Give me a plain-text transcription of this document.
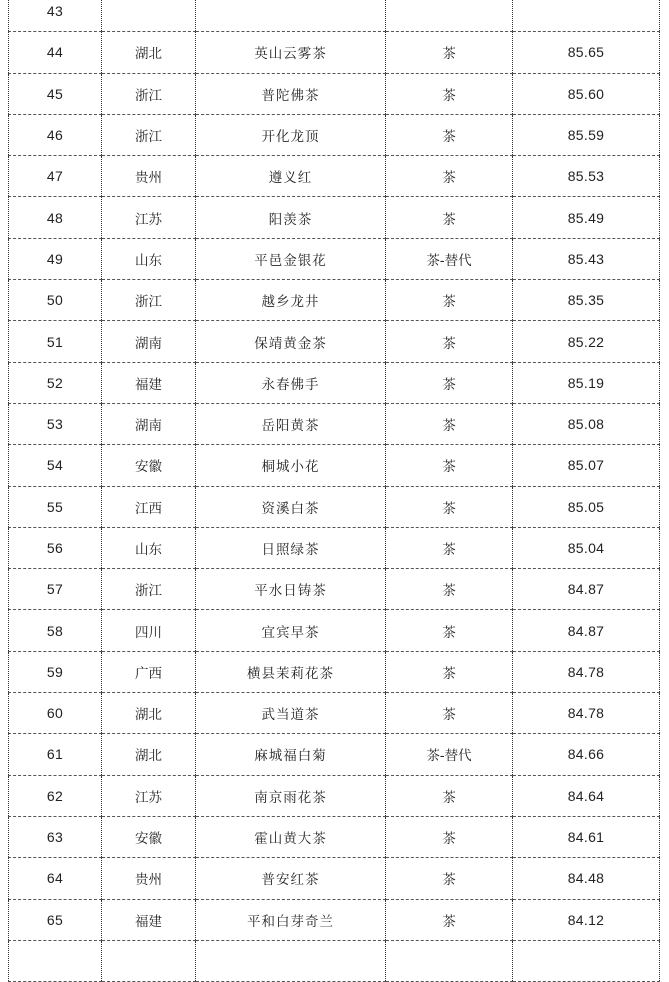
43				
44	湖北	英山云雾茶	茶	85.65
45	浙江	普陀佛茶	茶	85.60
46	浙江	开化龙顶	茶	85.59
47	贵州	遵义红	茶	85.53
48	江苏	阳羡茶	茶	85.49
49	山东	平邑金银花	茶-替代	85.43
50	浙江	越乡龙井	茶	85.35
51	湖南	保靖黄金茶	茶	85.22
52	福建	永春佛手	茶	85.19
53	湖南	岳阳黄茶	茶	85.08
54	安徽	桐城小花	茶	85.07
55	江西	资溪白茶	茶	85.05
56	山东	日照绿茶	茶	85.04
57	浙江	平水日铸茶	茶	84.87
58	四川	宜宾早茶	茶	84.87
59	广西	横县茉莉花茶	茶	84.78
60	湖北	武当道茶	茶	84.78
61	湖北	麻城福白菊	茶-替代	84.66
62	江苏	南京雨花茶	茶	84.64
63	安徽	霍山黄大茶	茶	84.61
64	贵州	普安红茶	茶	84.48
65	福建	平和白芽奇兰	茶	84.12
